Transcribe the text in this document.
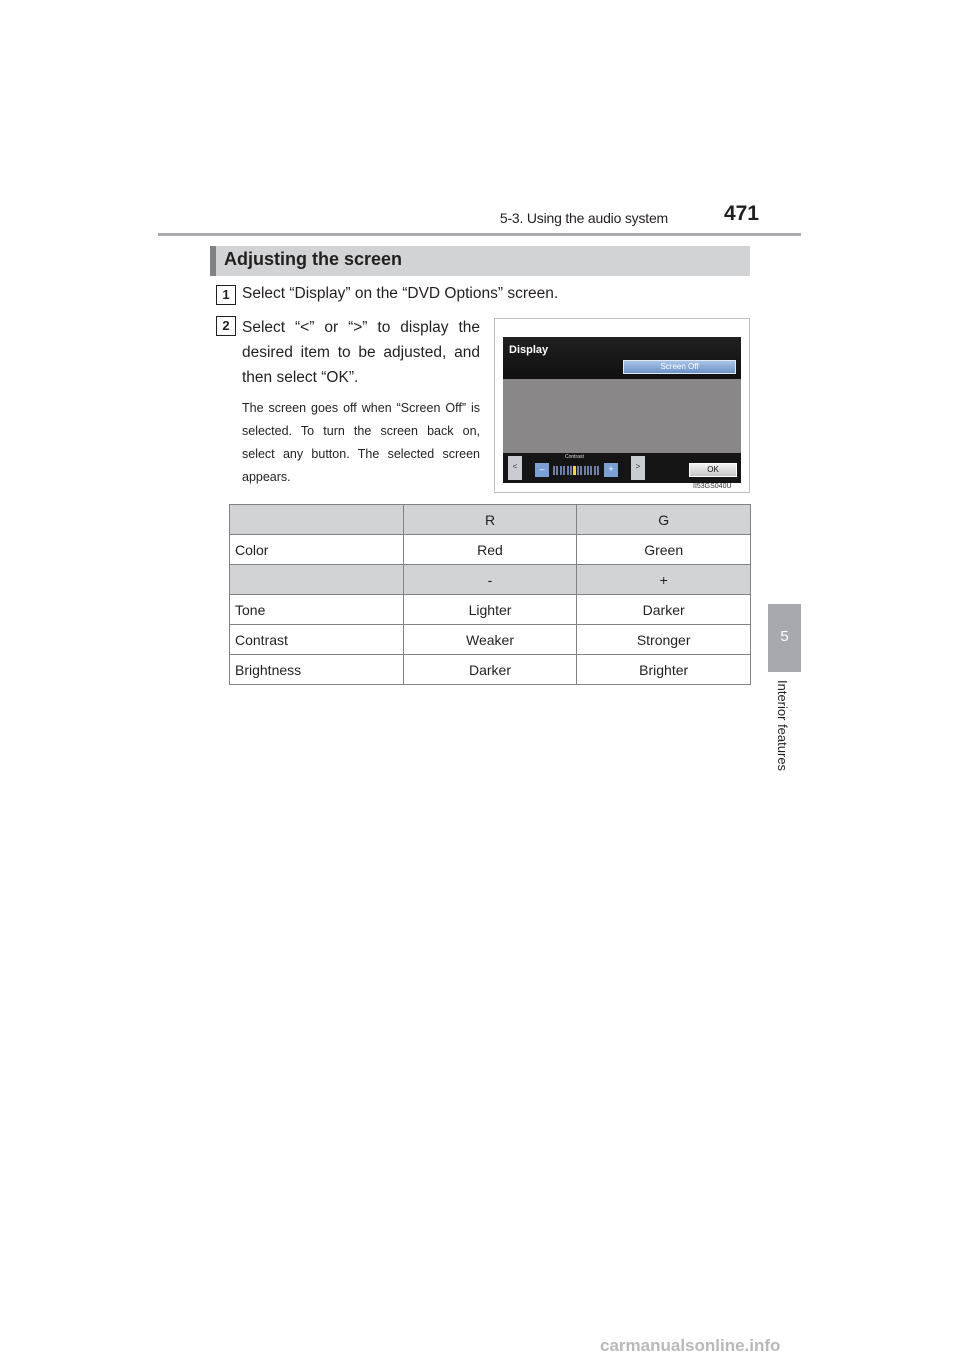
5-3. Using the audio system	471
5
Interior features
Adjusting the screen
1 Select “Display” on the “DVD Options” screen.
2 Select “<” or “>” to display the desired item to be adjusted, and then select “OK”.
The screen goes off when “Screen Off” is selected. To turn the screen back on, select any button. The selected screen appears.
Display
Screen Off
<
Contrast
–	+	>	OK
II53GS040U
	R	G
Color	Red	Green
	-	+
Tone	Lighter	Darker
Contrast	Weaker	Stronger
Brightness	Darker	Brighter
carmanualsonline.info
